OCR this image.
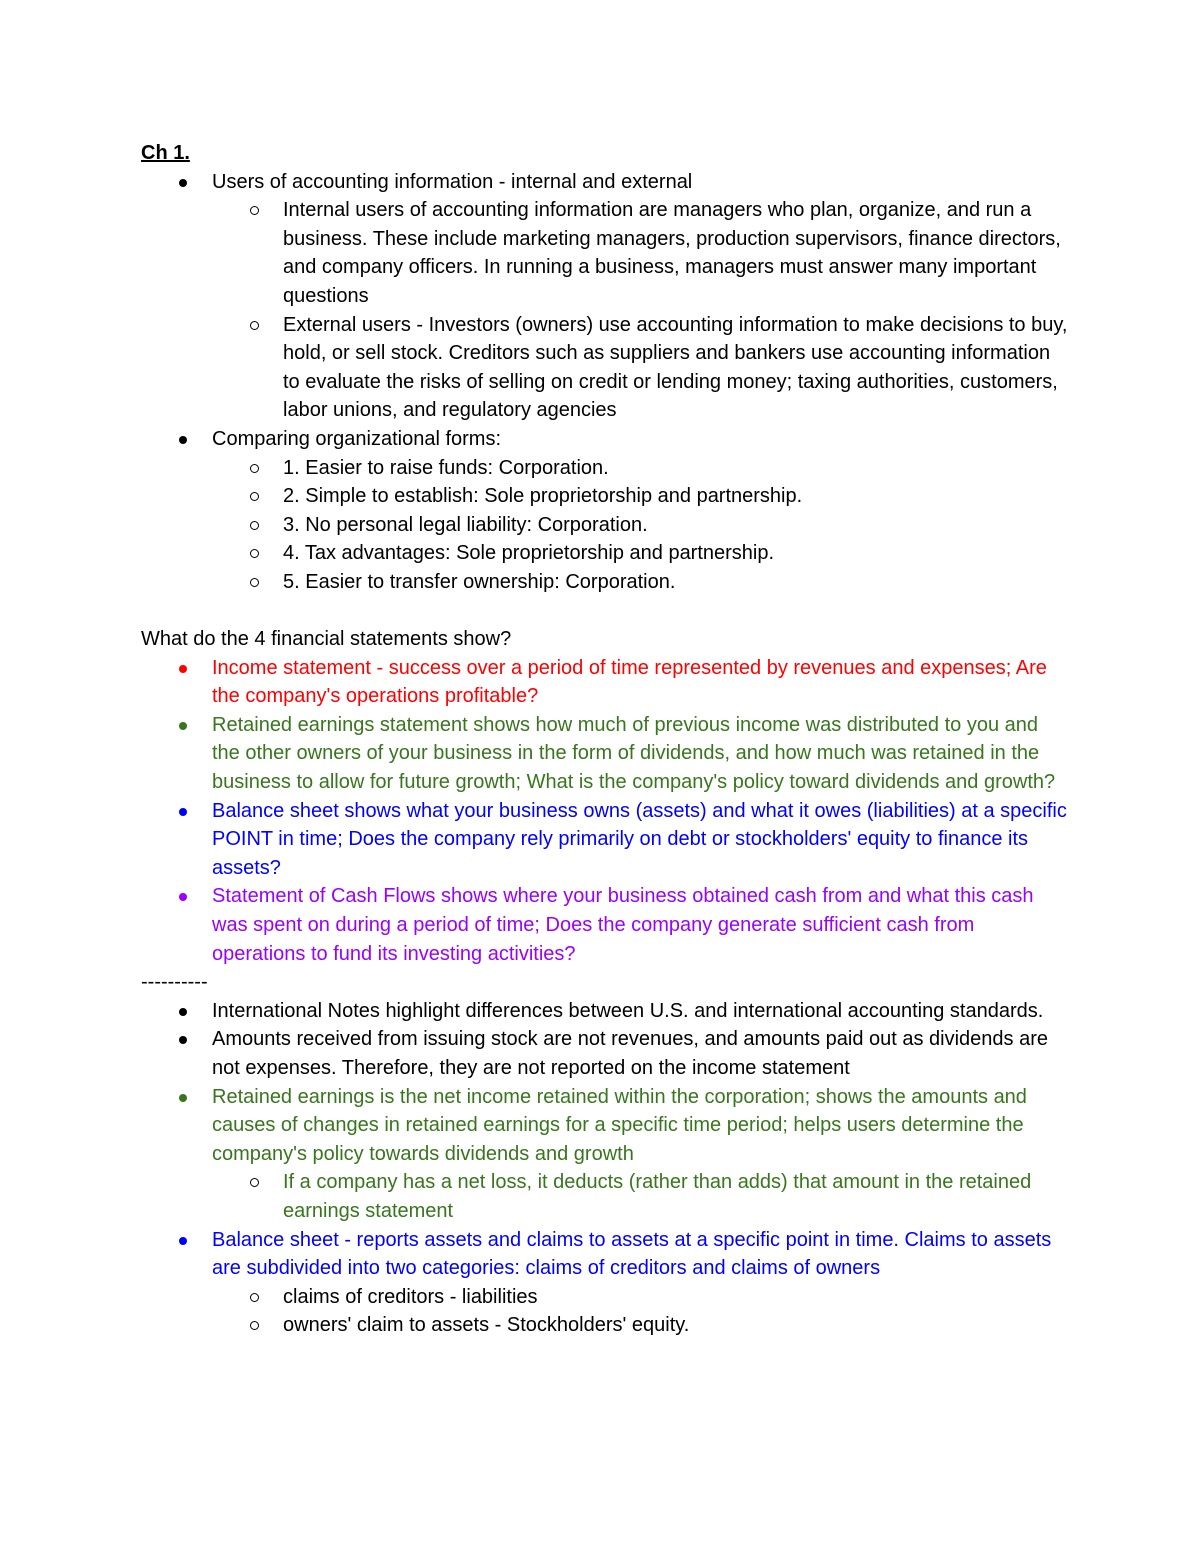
Ch 1.

Users of accounting information - internal and external
Internal users of accounting information are managers who plan, organize, and run a business. These include marketing managers, production supervisors, finance directors, and company officers. In running a business, managers must answer many important questions
External users - Investors (owners) use accounting information to make decisions to buy, hold, or sell stock. Creditors such as suppliers and bankers use accounting information to evaluate the risks of selling on credit or lending money; taxing authorities, customers, labor unions, and regulatory agencies
Comparing organizational forms:
1. Easier to raise funds: Corporation.
2. Simple to establish: Sole proprietorship and partnership.
3. No personal legal liability: Corporation.
4. Tax advantages: Sole proprietorship and partnership.
5. Easier to transfer ownership: Corporation.

What do the 4 financial statements show?

Income statement - success over a period of time represented by revenues and expenses; Are the company's operations profitable?
Retained earnings statement shows how much of previous income was distributed to you and the other owners of your business in the form of dividends, and how much was retained in the business to allow for future growth; What is the company's policy toward dividends and growth?
Balance sheet shows what your business owns (assets) and what it owes (liabilities) at a specific POINT in time; Does the company rely primarily on debt or stockholders' equity to finance its assets?
Statement of Cash Flows shows where your business obtained cash from and what this cash was spent on during a period of time; Does the company generate sufficient cash from operations to fund its investing activities?

----------

International Notes highlight differences between U.S. and international accounting standards.
Amounts received from issuing stock are not revenues, and amounts paid out as dividends are not expenses. Therefore, they are not reported on the income statement
Retained earnings is the net income retained within the corporation; shows the amounts and causes of changes in retained earnings for a specific time period; helps users determine the company's policy towards dividends and growth
If a company has a net loss, it deducts (rather than adds) that amount in the retained earnings statement
Balance sheet - reports assets and claims to assets at a specific point in time. Claims to assets are subdivided into two categories: claims of creditors and claims of owners
claims of creditors - liabilities
owners' claim to assets - Stockholders' equity.
